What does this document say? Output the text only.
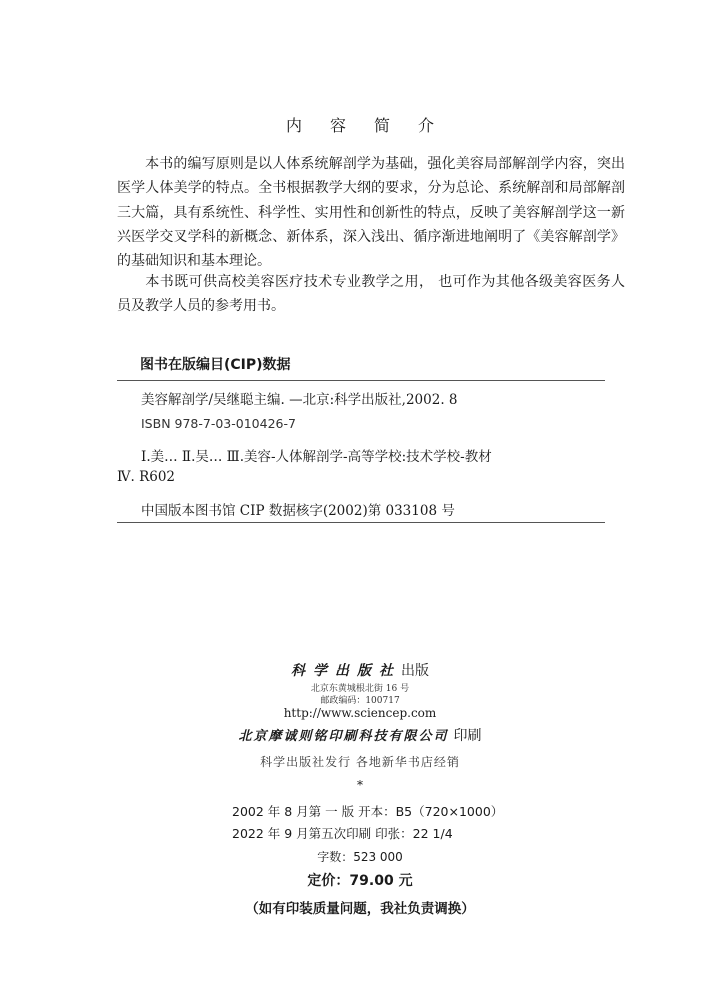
内容简介

本书的编写原则是以人体系统解剖学为基础，强化美容局部解剖学内容，突出医学人体美学的特点。全书根据教学大纲的要求，分为总论、系统解剖和局部解剖三大篇，具有系统性、科学性、实用性和创新性的特点，反映了美容解剖学这一新兴医学交叉学科的新概念、新体系，深入浅出、循序渐进地阐明了《美容解剖学》的基础知识和基本理论。

本书既可供高校美容医疗技术专业教学之用， 也可作为其他各级美容医务人员及教学人员的参考用书。

图书在版编目(CIP)数据
美容解剖学/吴继聪主编. —北京:科学出版社,2002. 8
ISBN 978-7-03-010426-7
Ⅰ.美… Ⅱ.吴… Ⅲ.美容-人体解剖学-高等学校:技术学校-教材
Ⅳ. R602
中国版本图书馆 CIP 数据核字(2002)第 033108 号
科学出版社出版
北京东黄城根北街 16 号
邮政编码：100717
http://www.sciencep.com
北京摩诚则铭印刷科技有限公司 印刷
科学出版社发行 各地新华书店经销
*
2002 年 8 月第 一 版 开本：B5（720×1000）
2022 年 9 月第五次印刷 印张：22 1/4
字数：523 000
定价：79.00 元
（如有印装质量问题，我社负责调换）
